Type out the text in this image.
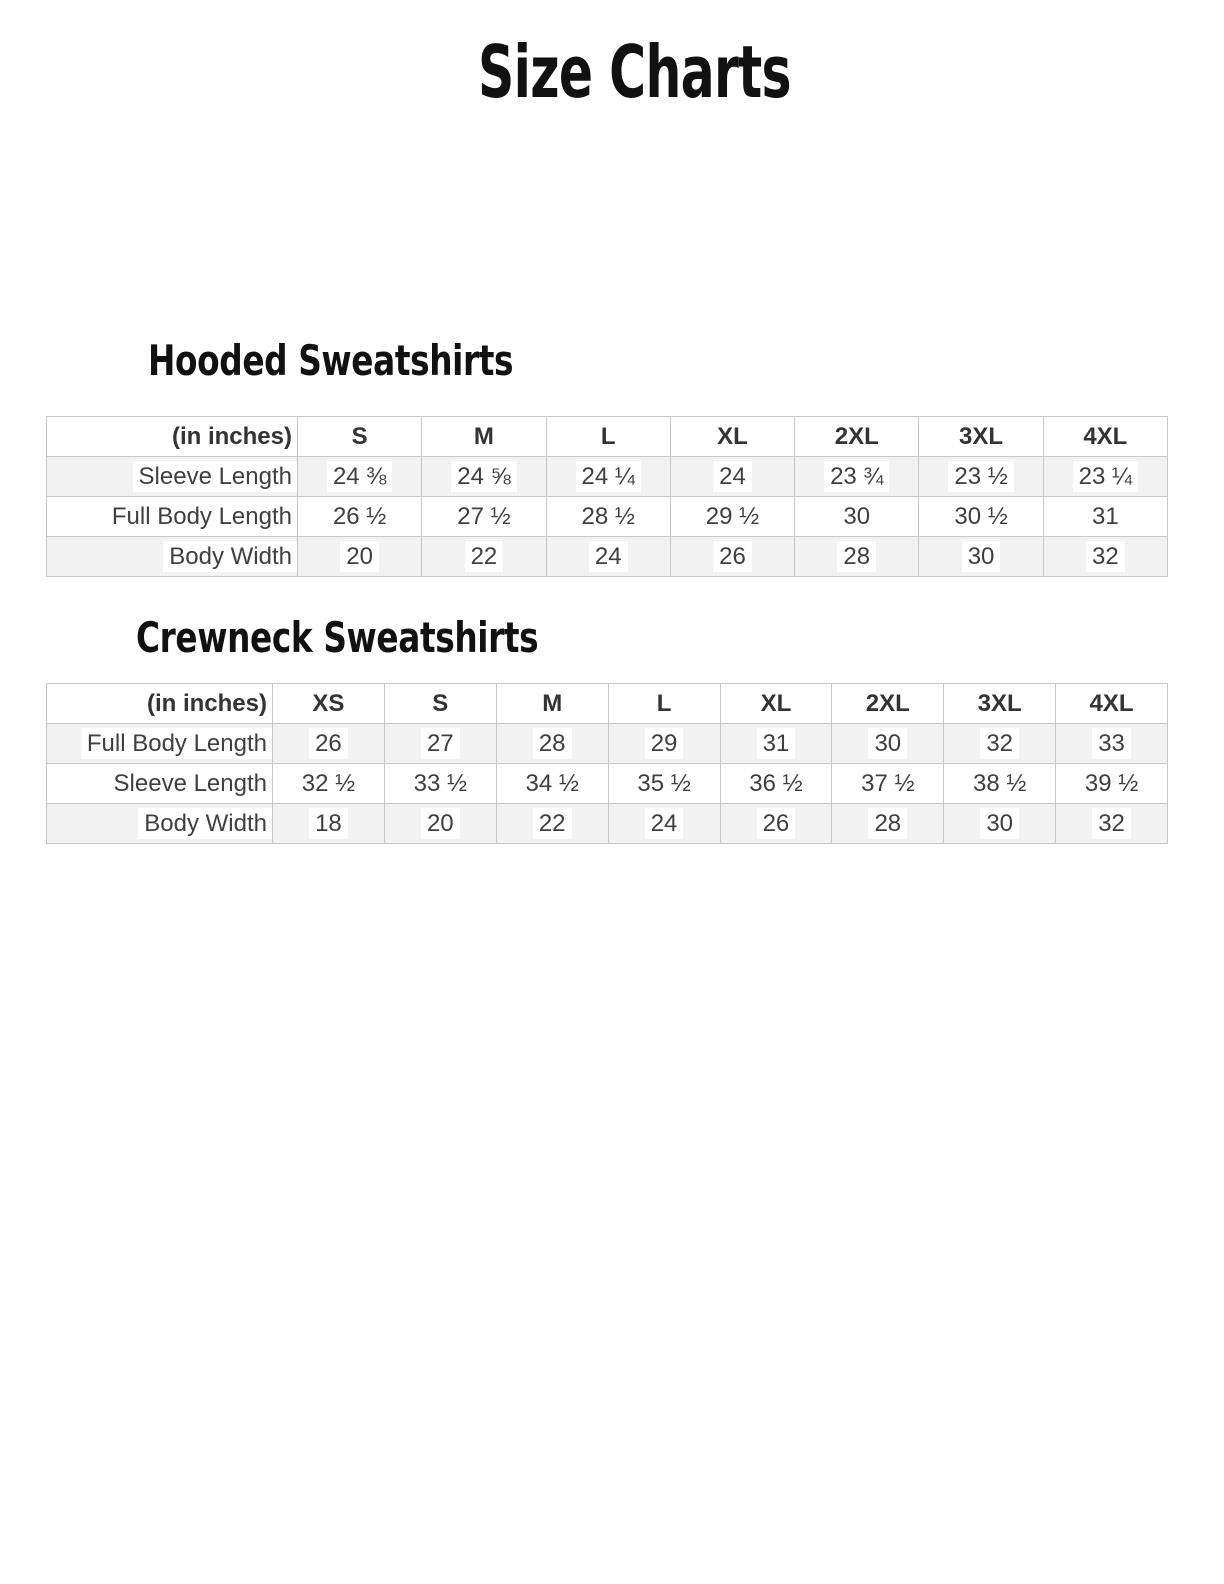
Size Charts
Hooded Sweatshirts
(in inches)	S	M	L	XL	2XL	3XL	4XL
Sleeve Length	24 ⅜	24 ⅝	24 ¼	24	23 ¾	23 ½	23 ¼
Full Body Length	26 ½	27 ½	28 ½	29 ½	30	30 ½	31
Body Width	20	22	24	26	28	30	32
Crewneck Sweatshirts
(in inches)	XS	S	M	L	XL	2XL	3XL	4XL
Full Body Length	26	27	28	29	31	30	32	33
Sleeve Length	32 ½	33 ½	34 ½	35 ½	36 ½	37 ½	38 ½	39 ½
Body Width	18	20	22	24	26	28	30	32
